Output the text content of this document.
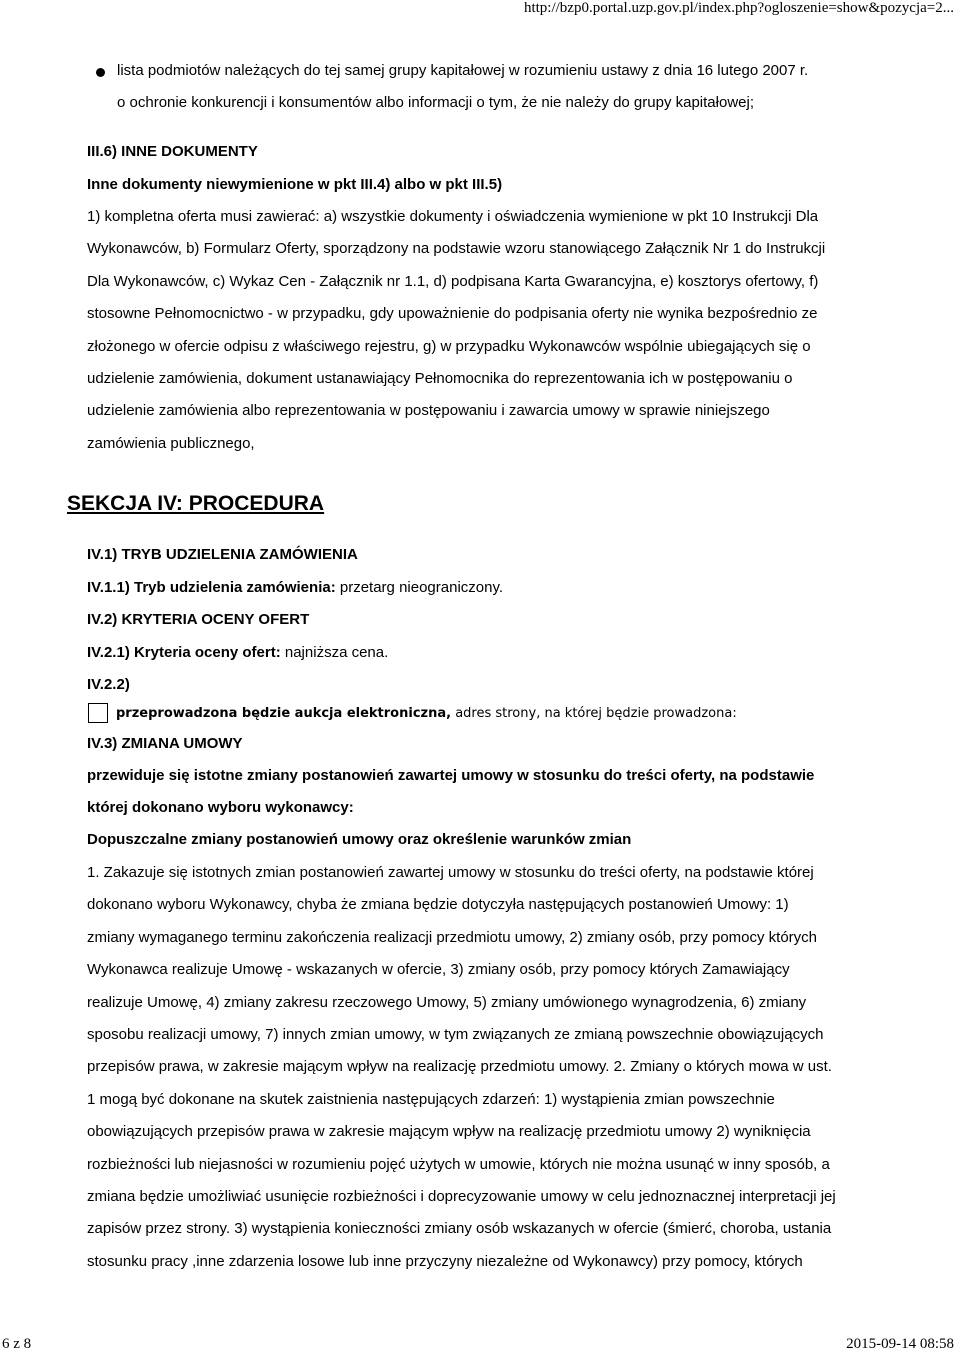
http://bzp0.portal.uzp.gov.pl/index.php?ogloszenie=show&pozycja=2...
lista podmiotów należących do tej samej grupy kapitałowej w rozumieniu ustawy z dnia 16 lutego 2007 r.
o ochronie konkurencji i konsumentów albo informacji o tym, że nie należy do grupy kapitałowej;
III.6) INNE DOKUMENTY
Inne dokumenty niewymienione w pkt III.4) albo w pkt III.5)
1) kompletna oferta musi zawierać: a) wszystkie dokumenty i oświadczenia wymienione w pkt 10 Instrukcji Dla
Wykonawców, b) Formularz Oferty, sporządzony na podstawie wzoru stanowiącego Załącznik Nr 1 do Instrukcji
Dla Wykonawców, c) Wykaz Cen - Załącznik nr 1.1, d) podpisana Karta Gwarancyjna, e) kosztorys ofertowy, f)
stosowne Pełnomocnictwo - w przypadku, gdy upoważnienie do podpisania oferty nie wynika bezpośrednio ze
złożonego w ofercie odpisu z właściwego rejestru, g) w przypadku Wykonawców wspólnie ubiegających się o
udzielenie zamówienia, dokument ustanawiający Pełnomocnika do reprezentowania ich w postępowaniu o
udzielenie zamówienia albo reprezentowania w postępowaniu i zawarcia umowy w sprawie niniejszego
zamówienia publicznego,
SEKCJA IV: PROCEDURA
IV.1) TRYB UDZIELENIA ZAMÓWIENIA
IV.1.1) Tryb udzielenia zamówienia: przetarg nieograniczony.
IV.2) KRYTERIA OCENY OFERT
IV.2.1) Kryteria oceny ofert: najniższa cena.
IV.2.2)
przeprowadzona będzie aukcja elektroniczna, adres strony, na której będzie prowadzona:
IV.3) ZMIANA UMOWY
przewiduje się istotne zmiany postanowień zawartej umowy w stosunku do treści oferty, na podstawie
której dokonano wyboru wykonawcy:
Dopuszczalne zmiany postanowień umowy oraz określenie warunków zmian
1. Zakazuje się istotnych zmian postanowień zawartej umowy w stosunku do treści oferty, na podstawie której
dokonano wyboru Wykonawcy, chyba że zmiana będzie dotyczyła następujących postanowień Umowy: 1)
zmiany wymaganego terminu zakończenia realizacji przedmiotu umowy, 2) zmiany osób, przy pomocy których
Wykonawca realizuje Umowę - wskazanych w ofercie, 3) zmiany osób, przy pomocy których Zamawiający
realizuje Umowę, 4) zmiany zakresu rzeczowego Umowy, 5) zmiany umówionego wynagrodzenia, 6) zmiany
sposobu realizacji umowy, 7) innych zmian umowy, w tym związanych ze zmianą powszechnie obowiązujących
przepisów prawa, w zakresie mającym wpływ na realizację przedmiotu umowy. 2. Zmiany o których mowa w ust.
1 mogą być dokonane na skutek zaistnienia następujących zdarzeń: 1) wystąpienia zmian powszechnie
obowiązujących przepisów prawa w zakresie mającym wpływ na realizację przedmiotu umowy 2) wyniknięcia
rozbieżności lub niejasności w rozumieniu pojęć użytych w umowie, których nie można usunąć w inny sposób, a
zmiana będzie umożliwiać usunięcie rozbieżności i doprecyzowanie umowy w celu jednoznacznej interpretacji jej
zapisów przez strony. 3) wystąpienia konieczności zmiany osób wskazanych w ofercie (śmierć, choroba, ustania
stosunku pracy ,inne zdarzenia losowe lub inne przyczyny niezależne od Wykonawcy) przy pomocy, których
6 z 8	2015-09-14 08:58
